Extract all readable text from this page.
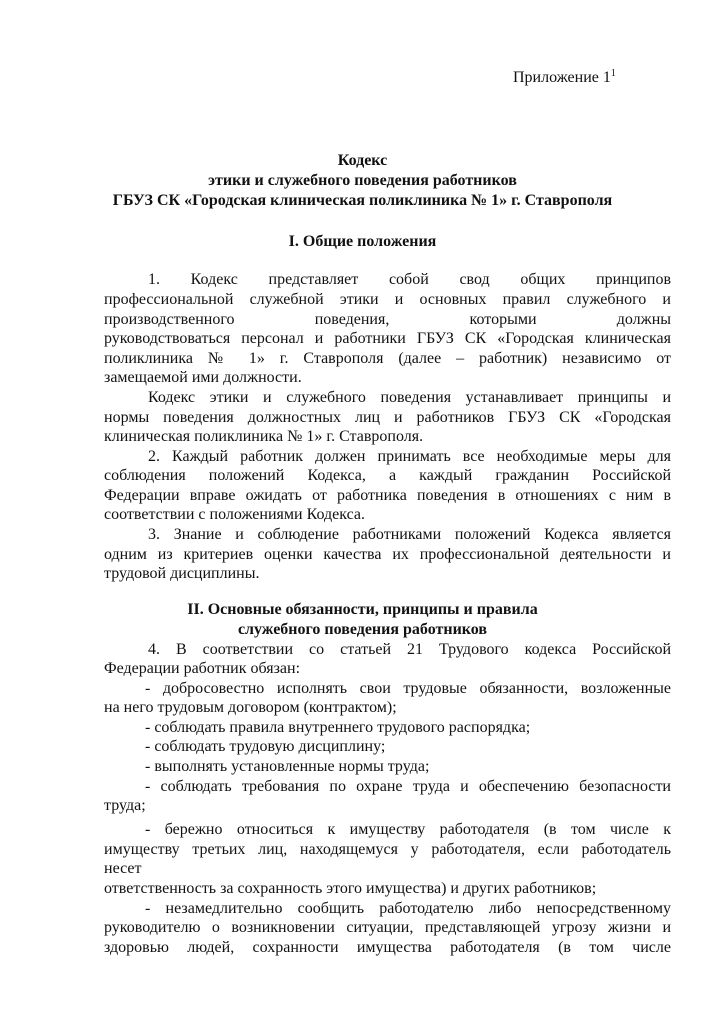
Приложение $1^1$
Кодекс
этики и служебного поведения работников
ГБУЗ СК «Городская клиническая поликлиника № 1» г. Ставрополя
I. Общие положения
1. Кодекс представляет собой свод общих принципов
профессиональной служебной этики и основных правил служебного и
производственного поведения, которыми должны
руководствоваться персонал и работники ГБУЗ СК «Городская клиническая
поликлиника № 1» г. Ставрополя (далее – работник) независимо от
замещаемой ими должности.
Кодекс этики и служебного поведения устанавливает принципы и
нормы поведения должностных лиц и работников ГБУЗ СК «Городская
клиническая поликлиника № 1» г. Ставрополя.
2. Каждый работник должен принимать все необходимые меры для
соблюдения положений Кодекса, а каждый гражданин Российской
Федерации вправе ожидать от работника поведения в отношениях с ним в
соответствии с положениями Кодекса.
3. Знание и соблюдение работниками положений Кодекса является
одним из критериев оценки качества их профессиональной деятельности и
трудовой дисциплины.
II. Основные обязанности, принципы и правила
служебного поведения работников
4. В соответствии со статьей 21 Трудового кодекса Российской
Федерации работник обязан:
- добросовестно исполнять свои трудовые обязанности, возложенные
на него трудовым договором (контрактом);
- соблюдать правила внутреннего трудового распорядка;
- соблюдать трудовую дисциплину;
- выполнять установленные нормы труда;
- соблюдать требования по охране труда и обеспечению безопасности
труда;
- бережно относиться к имуществу работодателя (в том числе к
имуществу третьих лиц, находящемуся у работодателя, если работодатель
несет
ответственность за сохранность этого имущества) и других работников;
- незамедлительно сообщить работодателю либо непосредственному
руководителю о возникновении ситуации, представляющей угрозу жизни и
здоровью людей, сохранности имущества работодателя (в том числе
